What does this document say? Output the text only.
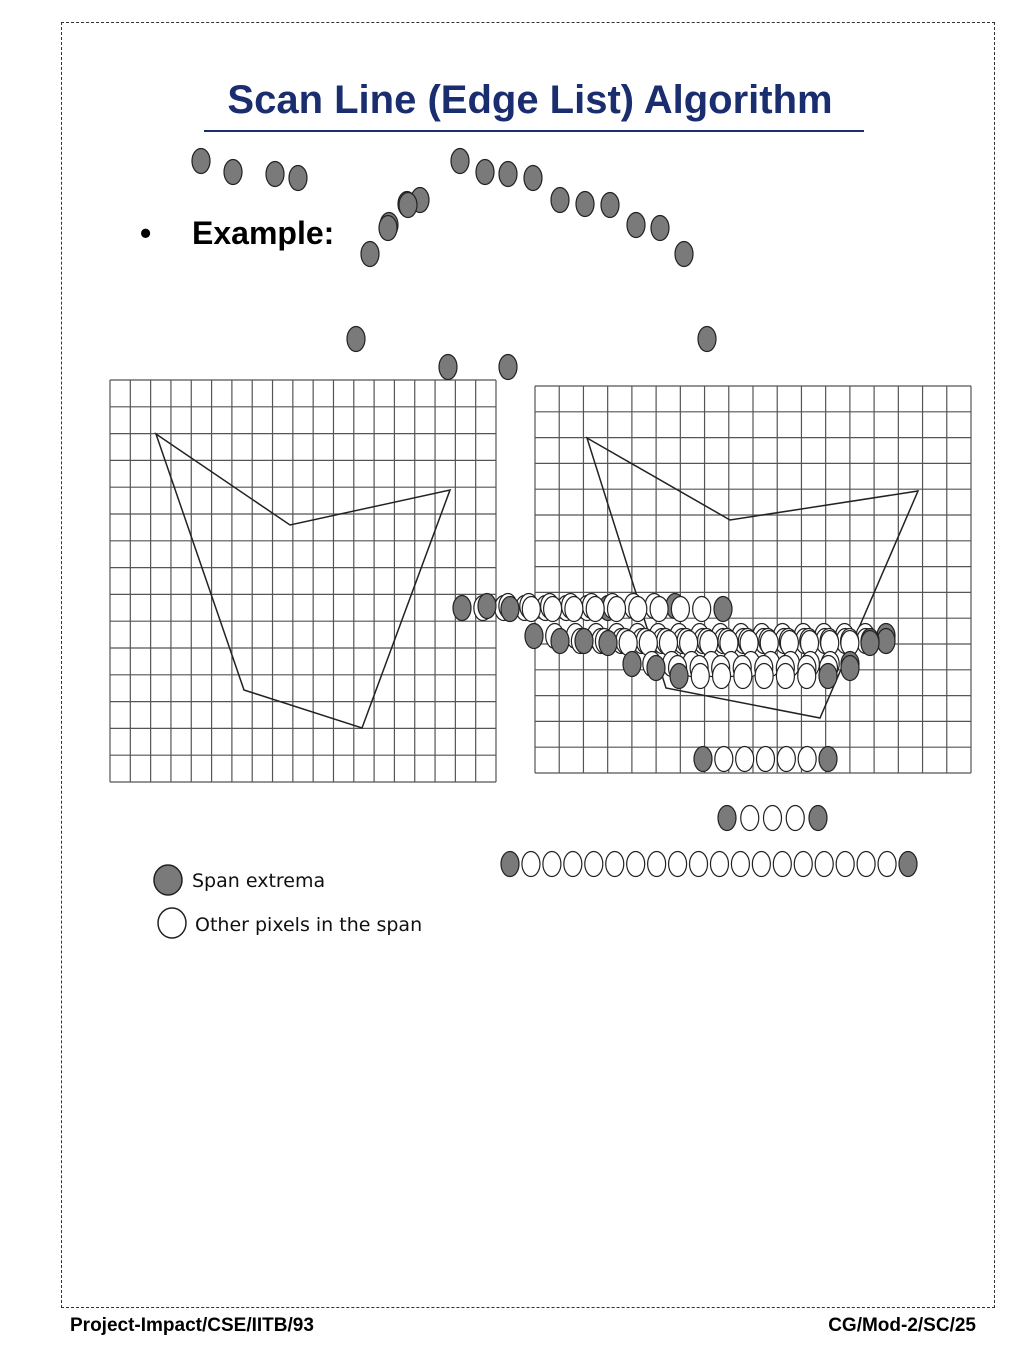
Scan Line (Edge List) Algorithm
• Example:
Span extrema
Other pixels in the span
Project-Impact/CSE/IITB/93	CG/Mod-2/SC/25
